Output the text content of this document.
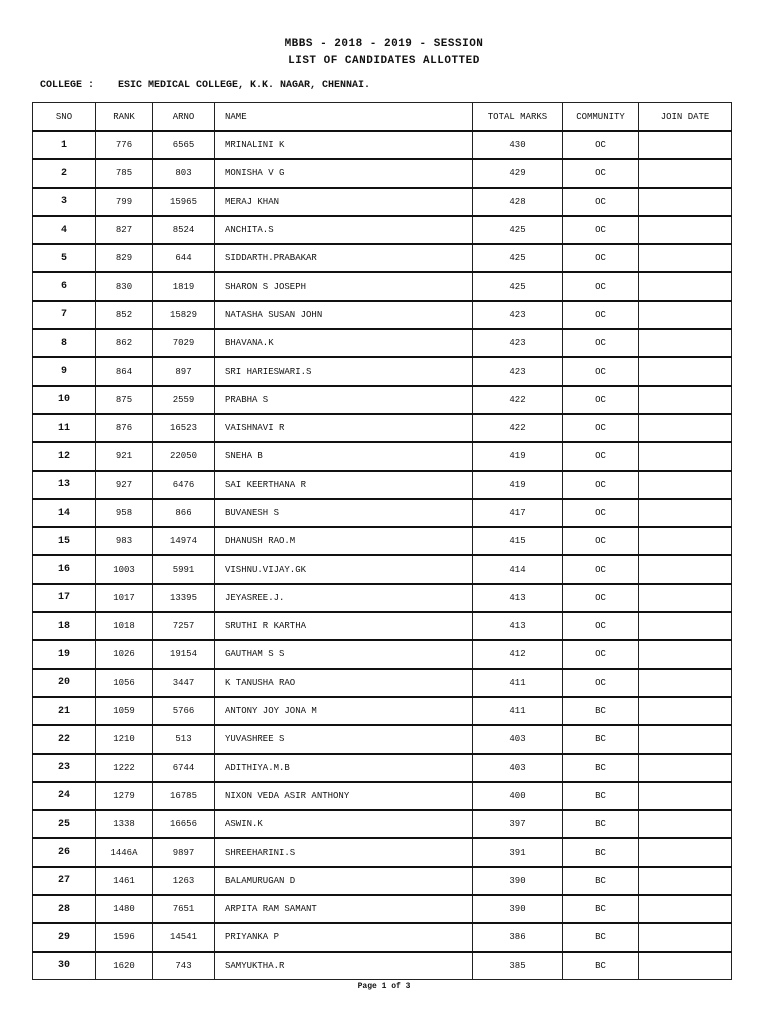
MBBS - 2018 - 2019 - SESSION
LIST OF CANDIDATES ALLOTTED
COLLEGE : ESIC MEDICAL COLLEGE, K.K. NAGAR, CHENNAI.
SNO	RANK	ARNO	NAME	TOTAL MARKS	COMMUNITY	JOIN DATE
1	776	6565	MRINALINI K	430	OC	
2	785	803	MONISHA V G	429	OC	
3	799	15965	MERAJ KHAN	428	OC	
4	827	8524	ANCHITA.S	425	OC	
5	829	644	SIDDARTH.PRABAKAR	425	OC	
6	830	1819	SHARON S JOSEPH	425	OC	
7	852	15829	NATASHA SUSAN JOHN	423	OC	
8	862	7029	BHAVANA.K	423	OC	
9	864	897	SRI HARIESWARI.S	423	OC	
10	875	2559	PRABHA S	422	OC	
11	876	16523	VAISHNAVI R	422	OC	
12	921	22050	SNEHA B	419	OC	
13	927	6476	SAI KEERTHANA R	419	OC	
14	958	866	BUVANESH S	417	OC	
15	983	14974	DHANUSH RAO.M	415	OC	
16	1003	5991	VISHNU.VIJAY.GK	414	OC	
17	1017	13395	JEYASREE.J.	413	OC	
18	1018	7257	SRUTHI R KARTHA	413	OC	
19	1026	19154	GAUTHAM S S	412	OC	
20	1056	3447	K TANUSHA RAO	411	OC	
21	1059	5766	ANTONY JOY JONA M	411	BC	
22	1210	513	YUVASHREE S	403	BC	
23	1222	6744	ADITHIYA.M.B	403	BC	
24	1279	16785	NIXON VEDA ASIR ANTHONY	400	BC	
25	1338	16656	ASWIN.K	397	BC	
26	1446A	9897	SHREEHARINI.S	391	BC	
27	1461	1263	BALAMURUGAN D	390	BC	
28	1480	7651	ARPITA RAM SAMANT	390	BC	
29	1596	14541	PRIYANKA P	386	BC	
30	1620	743	SAMYUKTHA.R	385	BC	
Page 1 of 3
